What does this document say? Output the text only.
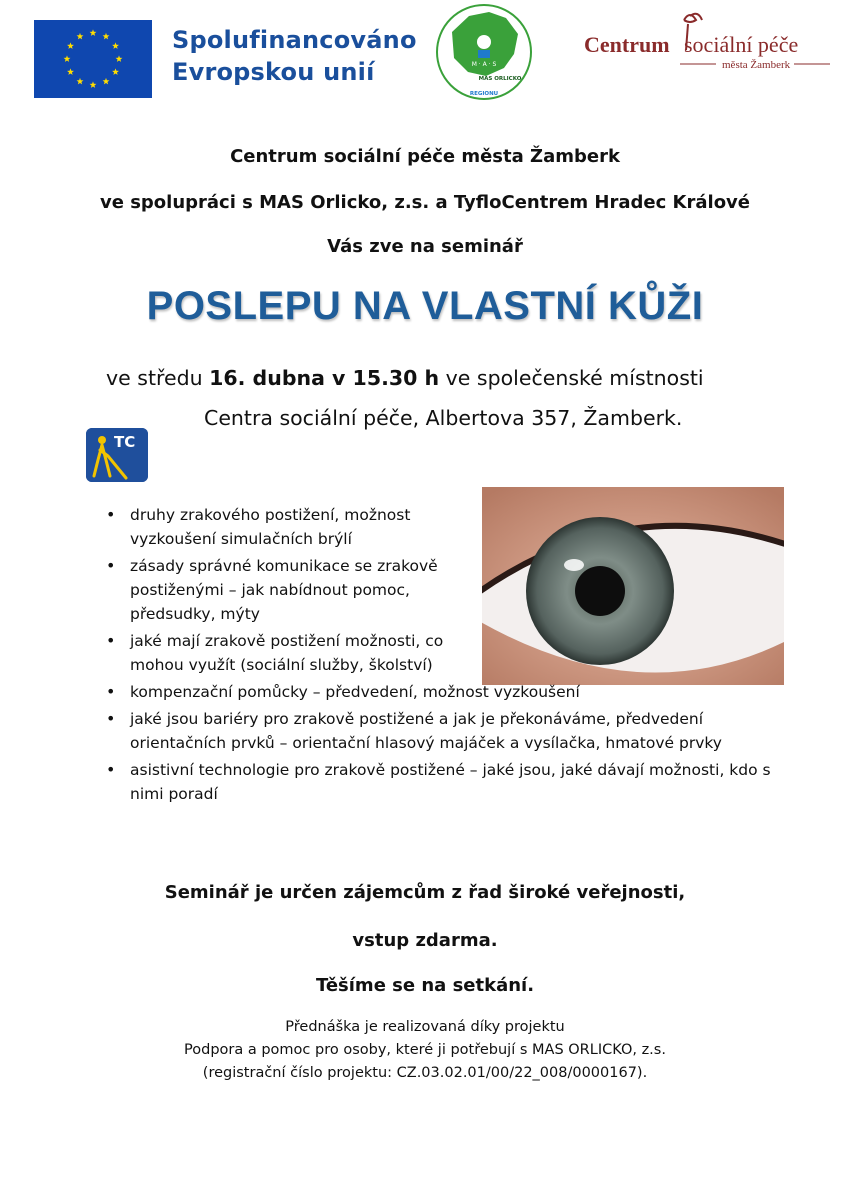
Spolufinancováno
Evropskou unií	M · A · S
MAS ORLICKO
REGIONU
Centrum sociální péče
města Žamberk
Centrum sociální péče města Žamberk
ve spolupráci s MAS Orlicko, z.s. a TyfloCentrem Hradec Králové
Vás zve na seminář
POSLEPU NA VLASTNÍ KŮŽI
ve středu 16. dubna v 15.30 h ve společenské místnosti
Centra sociální péče, Albertova 357, Žamberk.
TC
• druhy zrakového postižení, možnost vyzkoušení simulačních brýlí
• zásady správné komunikace se zrakově postiženými – jak nabídnout pomoc, předsudky, mýty
• jaké mají zrakově postižení možnosti, co mohou využít (sociální služby, školství)
• kompenzační pomůcky – předvedení, možnost vyzkoušení
• jaké jsou bariéry pro zrakově postižené a jak je překonáváme, předvedení orientačních prvků – orientační hlasový majáček a vysílačka, hmatové prvky
• asistivní technologie pro zrakově postižené – jaké jsou, jaké dávají možnosti, kdo s nimi poradí
Seminář je určen zájemcům z řad široké veřejnosti,
vstup zdarma.
Těšíme se na setkání.
Přednáška je realizovaná díky projektu
Podpora a pomoc pro osoby, které ji potřebují s MAS ORLICKO, z.s.
(registrační číslo projektu: CZ.03.02.01/00/22_008/0000167).
